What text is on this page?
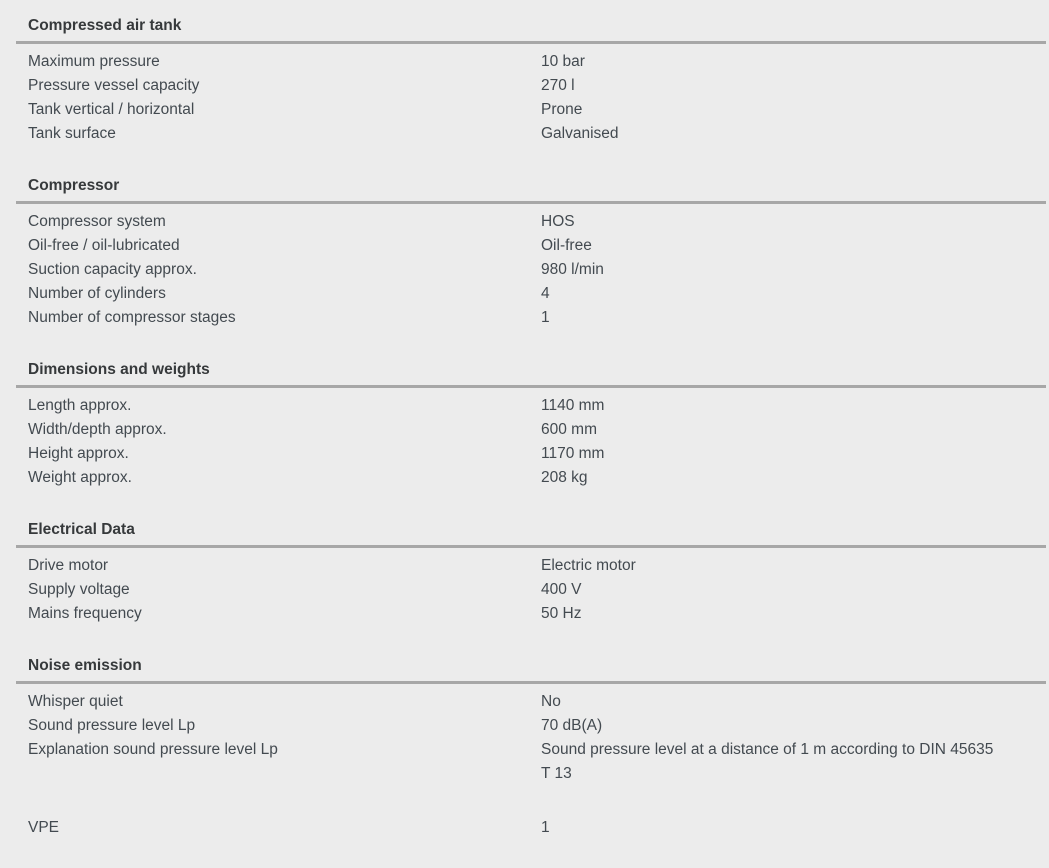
Compressed air tank
Maximum pressure	10 bar
Pressure vessel capacity	270 l
Tank vertical / horizontal	Prone
Tank surface	Galvanised
Compressor
Compressor system	HOS
Oil-free / oil-lubricated	Oil-free
Suction capacity approx.	980 l/min
Number of cylinders	4
Number of compressor stages	1
Dimensions and weights
Length approx.	1140 mm
Width/depth approx.	600 mm
Height approx.	1170 mm
Weight approx.	208 kg
Electrical Data
Drive motor	Electric motor
Supply voltage	400 V
Mains frequency	50 Hz
Noise emission
Whisper quiet	No
Sound pressure level Lp	70 dB(A)
Explanation sound pressure level Lp	Sound pressure level at a distance of 1 m according to DIN 45635 T 13
VPE	1
